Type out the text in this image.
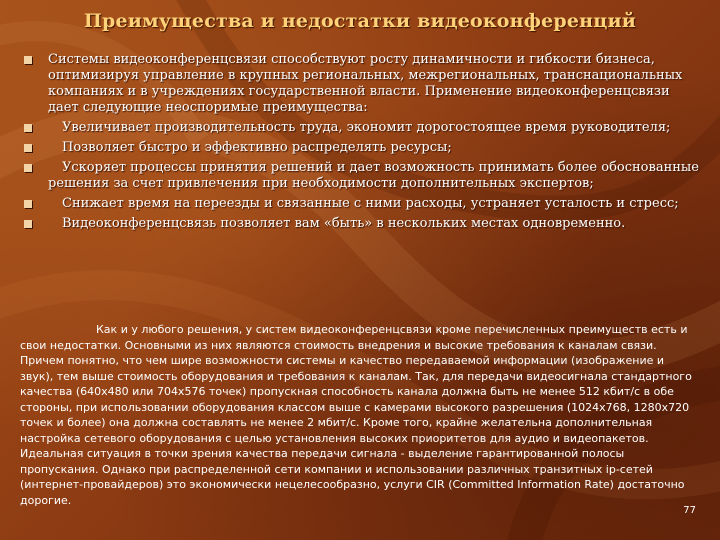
Преимущества и недостатки видеоконференций
Системы видеоконференцсвязи способствуют росту динамичности и гибкости бизнеса, оптимизируя управление в крупных региональных, межрегиональных, транснациональных компаниях и в учреждениях государственной власти. Применение видеоконференцсвязи дает следующие неоспоримые преимущества:
Увеличивает производительность труда, экономит дорогостоящее время руководителя;
Позволяет быстро и эффективно распределять ресурсы;
Ускоряет процессы принятия решений и дает возможность принимать более обоснованные решения за счет привлечения при необходимости дополнительных экспертов;
Снижает время на переезды и связанные с ними расходы, устраняет усталость и стресс;
Видеоконференцсвязь позволяет вам «быть» в нескольких местах одновременно.

Как и у любого решения, у систем видеоконференцсвязи кроме перечисленных преимуществ есть и свои недостатки. Основными из них являются стоимость внедрения и высокие требования к каналам связи. Причем понятно, что чем шире возможности системы и качество передаваемой информации (изображение и звук), тем выше стоимость оборудования и требования к каналам. Так, для передачи видеосигнала стандартного качества (640x480 или 704x576 точек) пропускная способность канала должна быть не менее 512 кбит/с в обе стороны, при использовании оборудования классом выше с камерами высокого разрешения (1024x768, 1280x720 точек и более) она должна составлять не менее 2 мбит/с. Кроме того, крайне желательна дополнительная настройка сетевого оборудования с целью установления высоких приоритетов для аудио и видеопакетов. Идеальная ситуация в точки зрения качества передачи сигнала - выделение гарантированной полосы пропускания. Однако при распределенной сети компании и использовании различных транзитных ip-сетей (интернет-провайдеров) это экономически нецелесообразно, услуги CIR (Committed Information Rate) достаточно дорогие.

77
